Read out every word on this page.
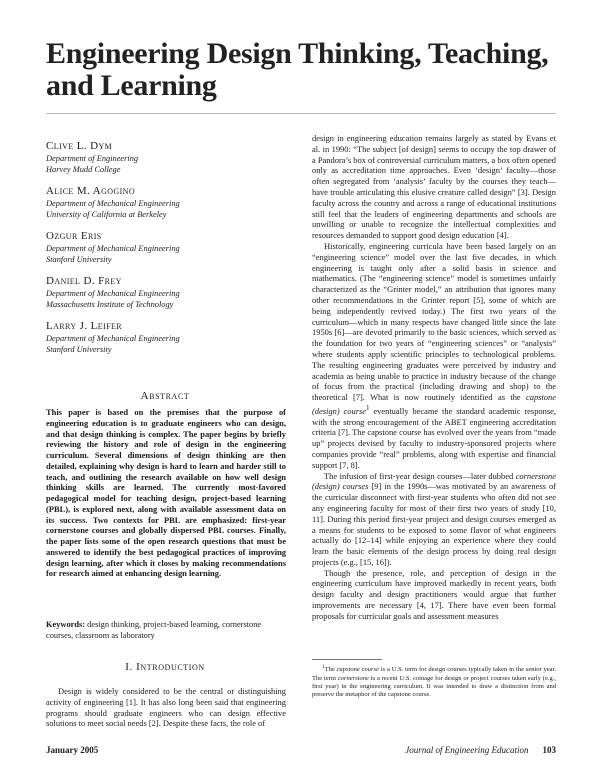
Engineering Design Thinking, Teaching, and Learning
Clive L. Dym
Department of Engineering
Harvey Mudd College
Alice M. Agogino
Department of Mechanical Engineering
University of California at Berkeley
Ozgur Eris
Department of Mechanical Engineering
Stanford University
Daniel D. Frey
Department of Mechanical Engineering
Massachusetts Institute of Technology
Larry J. Leifer
Department of Mechanical Engineering
Stanford University
Abstract
This paper is based on the premises that the purpose of engineering education is to graduate engineers who can design, and that design thinking is complex. The paper begins by briefly reviewing the history and role of design in the engineering curriculum. Several dimensions of design thinking are then detailed, explaining why design is hard to learn and harder still to teach, and outlining the research available on how well design thinking skills are learned. The currently most-favored pedagogical model for teaching design, project-based learning (PBL), is explored next, along with available assessment data on its success. Two contexts for PBL are emphasized: first-year cornerstone courses and globally dispersed PBL courses. Finally, the paper lists some of the open research questions that must be answered to identify the best pedagogical practices of improving design learning, after which it closes by making recommendations for research aimed at enhancing design learning.
Keywords: design thinking, project-based learning, cornerstone courses, classroom as laboratory
I. Introduction
Design is widely considered to be the central or distinguishing activity of engineering [1]. It has also long been said that engineering programs should graduate engineers who can design effective solutions to meet social needs [2]. Despite these facts, the role of

design in engineering education remains largely as stated by Evans et al. in 1990: “The subject [of design] seems to occupy the top drawer of a Pandora’s box of controversial curriculum matters, a box often opened only as accreditation time approaches. Even ‘design’ faculty—those often segregated from ‘analysis’ faculty by the courses they teach—have trouble articulating this elusive creature called design” [3]. Design faculty across the country and across a range of educational institutions still feel that the leaders of engineering departments and schools are unwilling or unable to recognize the intellectual complexities and resources demanded to support good design education [4].

Historically, engineering curricula have been based largely on an “engineering science” model over the last five decades, in which engineering is taught only after a solid basis in science and mathematics. (The “engineering science” model is sometimes unfairly characterized as the “Grinter model,” an attribution that ignores many other recommendations in the Grinter report [5], some of which are being independently revived today.) The first two years of the curriculum—which in many respects have changed little since the late 1950s [6]—are devoted primarily to the basic sciences, which served as the foundation for two years of “engineering sciences” or “analysis” where students apply scientific principles to technological problems. The resulting engineering graduates were perceived by industry and academia as being unable to practice in industry because of the change of focus from the practical (including drawing and shop) to the theoretical [7]. What is now routinely identified as the capstone (design) course$^1$ eventually became the standard academic response, with the strong encouragement of the ABET engineering accreditation criteria [7]. The capstone course has evolved over the years from “made up” projects devised by faculty to industry-sponsored projects where companies provide “real” problems, along with expertise and financial support [7, 8].

The infusion of first-year design courses—later dubbed cornerstone (design) courses [9] in the 1990s—was motivated by an awareness of the curricular disconnect with first-year students who often did not see any engineering faculty for most of their first two years of study [10, 11]. During this period first-year project and design courses emerged as a means for students to be exposed to some flavor of what engineers actually do [12–14] while enjoying an experience where they could learn the basic elements of the design process by doing real design projects (e.g., [15, 16]).

Though the presence, role, and perception of design in the engineering curriculum have improved markedly in recent years, both design faculty and design practitioners would argue that further improvements are necessary [4, 17]. There have even been formal proposals for curricular goals and assessment measures

$^1$The capstone course is a U.S. term for design courses typically taken in the senior year. The term cornerstone is a recent U.S. coinage for design or project courses taken early (e.g., first year) in the engineering curriculum. It was intended to draw a distinction from and preserve the metaphor of the capstone course.
January 2005	Journal of Engineering Education 103
